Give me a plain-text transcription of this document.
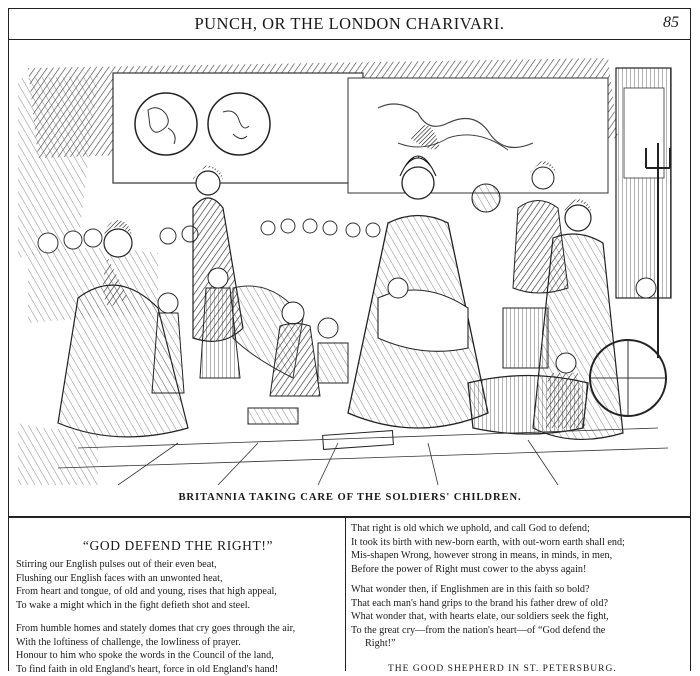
PUNCH, OR THE LONDON CHARIVARI.	85
BRITANNIA TAKING CARE OF THE SOLDIERS' CHILDREN.
“GOD DEFEND THE RIGHT!”
Stirring our English pulses out of their even beat,
Flushing our English faces with an unwonted heat,
From heart and tongue, of old and young, rises that high appeal,
To wake a might which in the fight defieth shot and steel.
From humble homes and stately domes that cry goes through the air,
With the loftiness of challenge, the lowliness of prayer.
Honour to him who spoke the words in the Council of the land,
To find faith in old England's heart, force in old England's hand!
That right is old which we uphold, and call God to defend;
It took its birth with new-born earth, with out-worn earth shall end;
Mis-shapen Wrong, however strong in means, in minds, in men,
Before the power of Right must cower to the abyss again!
What wonder then, if Englishmen are in this faith so bold?
That each man's hand grips to the brand his father drew of old?
What wonder that, with hearts elate, our soldiers seek the fight,
To the great cry—from the nation's heart—of “God defend the
Right!”
THE GOOD SHEPHERD IN ST. PETERSBURG.
